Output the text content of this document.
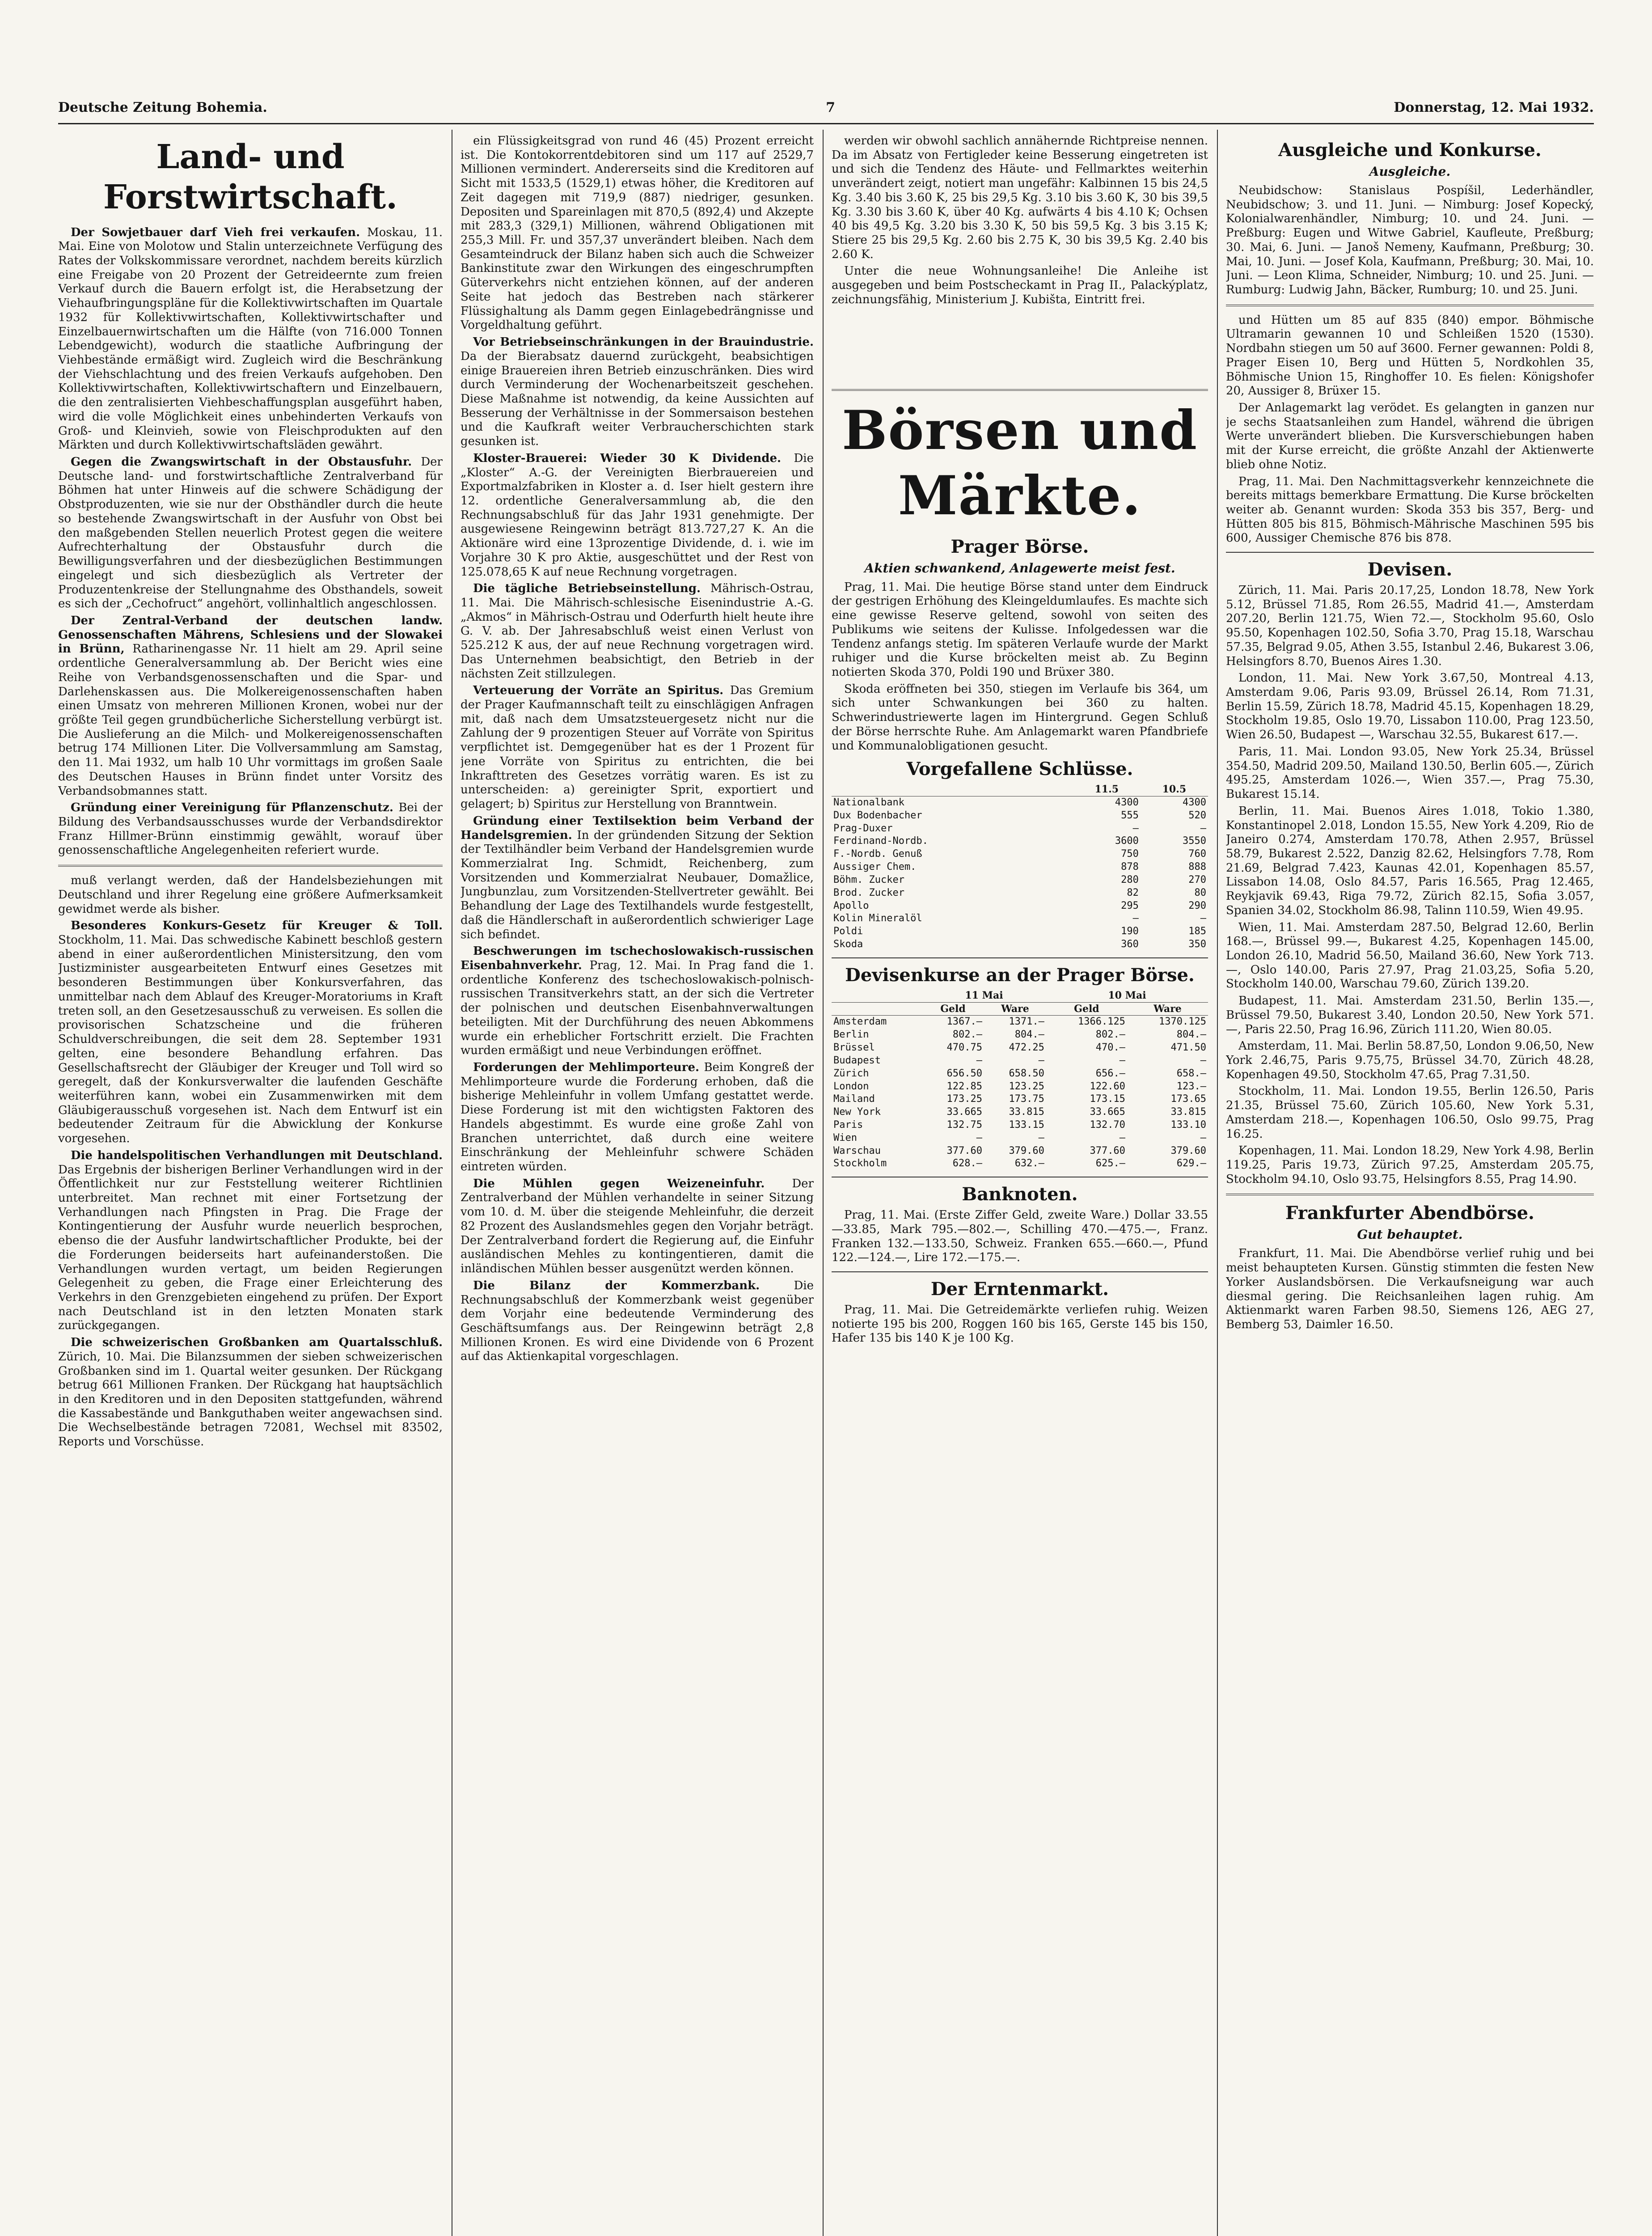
Deutsche Zeitung Bohemia.	7	Donnerstag, 12. Mai 1932.
Land- und Forstwirtschaft.

Der Sowjetbauer darf Vieh frei verkaufen. Moskau, 11. Mai. Eine von Molotow und Stalin unterzeichnete Verfügung des Rates der Volkskommissare verordnet, nachdem bereits kürzlich eine Freigabe von 20 Prozent der Getreideernte zum freien Verkauf durch die Bauern erfolgt ist, die Herabsetzung der Viehaufbringungspläne für die Kollektivwirtschaften im Quartale 1932 für Kollektivwirtschaften, Kollektivwirtschafter und Einzelbauernwirtschaften um die Hälfte (von 716.000 Tonnen Lebendgewicht), wodurch die staatliche Aufbringung der Viehbestände ermäßigt wird. Zugleich wird die Beschränkung der Viehschlachtung und des freien Verkaufs aufgehoben. Den Kollektivwirtschaften, Kollektivwirtschaftern und Einzelbauern, die den zentralisierten Viehbeschaffungsplan ausgeführt haben, wird die volle Möglichkeit eines unbehinderten Verkaufs von Groß- und Kleinvieh, sowie von Fleischprodukten auf den Märkten und durch Kollektivwirtschaftsläden gewährt.

Gegen die Zwangswirtschaft in der Obstausfuhr. Der Deutsche land- und forstwirtschaftliche Zentralverband für Böhmen hat unter Hinweis auf die schwere Schädigung der Obstproduzenten, wie sie nur der Obsthändler durch die heute so bestehende Zwangswirtschaft in der Ausfuhr von Obst bei den maßgebenden Stellen neuerlich Protest gegen die weitere Aufrechterhaltung der Obstausfuhr durch die Bewilligungsverfahren und der diesbezüglichen Bestimmungen eingelegt und sich diesbezüglich als Vertreter der Produzentenkreise der Stellungnahme des Obsthandels, soweit es sich der „Cechofruct“ angehört, vollinhaltlich angeschlossen.

Der Zentral-Verband der deutschen landw. Genossenschaften Mährens, Schlesiens und der Slowakei in Brünn, Ratharinengasse Nr. 11 hielt am 29. April seine ordentliche Generalversammlung ab. Der Bericht wies eine Reihe von Verbandsgenossenschaften und die Spar- und Darlehenskassen aus. Die Molkereigenossenschaften haben einen Umsatz von mehreren Millionen Kronen, wobei nur der größte Teil gegen grundbücherliche Sicherstellung verbürgt ist. Die Auslieferung an die Milch- und Molkereigenossenschaften betrug 174 Millionen Liter. Die Vollversammlung am Samstag, den 11. Mai 1932, um halb 10 Uhr vormittags im großen Saale des Deutschen Hauses in Brünn findet unter Vorsitz des Verbandsobmannes statt.

Gründung einer Vereinigung für Pflanzenschutz. Bei der Bildung des Verbandsausschusses wurde der Verbandsdirektor Franz Hillmer-Brünn einstimmig gewählt, worauf über genossenschaftliche Angelegenheiten referiert wurde.

muß verlangt werden, daß der Handelsbeziehungen mit Deutschland und ihrer Regelung eine größere Aufmerksamkeit gewidmet werde als bisher.

Besonderes Konkurs-Gesetz für Kreuger & Toll. Stockholm, 11. Mai. Das schwedische Kabinett beschloß gestern abend in einer außerordentlichen Ministersitzung, den vom Justizminister ausgearbeiteten Entwurf eines Gesetzes mit besonderen Bestimmungen über Konkursverfahren, das unmittelbar nach dem Ablauf des Kreuger-Moratoriums in Kraft treten soll, an den Gesetzesausschuß zu verweisen. Es sollen die provisorischen Schatzscheine und die früheren Schuldverschreibungen, die seit dem 28. September 1931 gelten, eine besondere Behandlung erfahren. Das Gesellschaftsrecht der Gläubiger der Kreuger und Toll wird so geregelt, daß der Konkursverwalter die laufenden Geschäfte weiterführen kann, wobei ein Zusammenwirken mit dem Gläubigerausschuß vorgesehen ist. Nach dem Entwurf ist ein bedeutender Zeitraum für die Abwicklung der Konkurse vorgesehen.

Die handelspolitischen Verhandlungen mit Deutschland. Das Ergebnis der bisherigen Berliner Verhandlungen wird in der Öffentlichkeit nur zur Feststellung weiterer Richtlinien unterbreitet. Man rechnet mit einer Fortsetzung der Verhandlungen nach Pfingsten in Prag. Die Frage der Kontingentierung der Ausfuhr wurde neuerlich besprochen, ebenso die der Ausfuhr landwirtschaftlicher Produkte, bei der die Forderungen beiderseits hart aufeinanderstoßen. Die Verhandlungen wurden vertagt, um beiden Regierungen Gelegenheit zu geben, die Frage einer Erleichterung des Verkehrs in den Grenzgebieten eingehend zu prüfen. Der Export nach Deutschland ist in den letzten Monaten stark zurückgegangen.

Die schweizerischen Großbanken am Quartalsschluß. Zürich, 10. Mai. Die Bilanzsummen der sieben schweizerischen Großbanken sind im 1. Quartal weiter gesunken. Der Rückgang betrug 661 Millionen Franken. Der Rückgang hat hauptsächlich in den Kreditoren und in den Depositen stattgefunden, während die Kassabestände und Bankguthaben weiter angewachsen sind. Die Wechselbestände betragen 72081, Wechsel mit 83502, Reports und Vorschüsse.

ein Flüssigkeitsgrad von rund 46 (45) Prozent erreicht ist. Die Kontokorrentdebitoren sind um 117 auf 2529,7 Millionen vermindert. Andererseits sind die Kreditoren auf Sicht mit 1533,5 (1529,1) etwas höher, die Kreditoren auf Zeit dagegen mit 719,9 (887) niedriger, gesunken. Depositen und Spareinlagen mit 870,5 (892,4) und Akzepte mit 283,3 (329,1) Millionen, während Obligationen mit 255,3 Mill. Fr. und 357,37 unverändert bleiben. Nach dem Gesamteindruck der Bilanz haben sich auch die Schweizer Bankinstitute zwar den Wirkungen des eingeschrumpften Güterverkehrs nicht entziehen können, auf der anderen Seite hat jedoch das Bestreben nach stärkerer Flüssighaltung als Damm gegen Einlagebedrängnisse und Vorgeldhaltung geführt.

Vor Betriebseinschränkungen in der Brauindustrie. Da der Bierabsatz dauernd zurückgeht, beabsichtigen einige Brauereien ihren Betrieb einzuschränken. Dies wird durch Verminderung der Wochenarbeitszeit geschehen. Diese Maßnahme ist notwendig, da keine Aussichten auf Besserung der Verhältnisse in der Sommersaison bestehen und die Kaufkraft weiter Verbraucherschichten stark gesunken ist.

Kloster-Brauerei: Wieder 30 K Dividende. Die „Kloster“ A.-G. der Vereinigten Bierbrauereien und Exportmalzfabriken in Kloster a. d. Iser hielt gestern ihre 12. ordentliche Generalversammlung ab, die den Rechnungsabschluß für das Jahr 1931 genehmigte. Der ausgewiesene Reingewinn beträgt 813.727,27 K. An die Aktionäre wird eine 13prozentige Dividende, d. i. wie im Vorjahre 30 K pro Aktie, ausgeschüttet und der Rest von 125.078,65 K auf neue Rechnung vorgetragen.

Die tägliche Betriebseinstellung. Mährisch-Ostrau, 11. Mai. Die Mährisch-schlesische Eisenindustrie A.-G. „Akmos“ in Mährisch-Ostrau und Oderfurth hielt heute ihre G. V. ab. Der Jahresabschluß weist einen Verlust von 525.212 K aus, der auf neue Rechnung vorgetragen wird. Das Unternehmen beabsichtigt, den Betrieb in der nächsten Zeit stillzulegen.

Verteuerung der Vorräte an Spiritus. Das Gremium der Prager Kaufmannschaft teilt zu einschlägigen Anfragen mit, daß nach dem Umsatzsteuergesetz nicht nur die Zahlung der 9 prozentigen Steuer auf Vorräte von Spiritus verpflichtet ist. Demgegenüber hat es der 1 Prozent für jene Vorräte von Spiritus zu entrichten, die bei Inkrafttreten des Gesetzes vorrätig waren. Es ist zu unterscheiden: a) gereinigter Sprit, exportiert und gelagert; b) Spiritus zur Herstellung von Branntwein.

Gründung einer Textilsektion beim Verband der Handelsgremien. In der gründenden Sitzung der Sektion der Textilhändler beim Verband der Handelsgremien wurde Kommerzialrat Ing. Schmidt, Reichenberg, zum Vorsitzenden und Kommerzialrat Neubauer, Domažlice, Jungbunzlau, zum Vorsitzenden-Stellvertreter gewählt. Bei Behandlung der Lage des Textilhandels wurde festgestellt, daß die Händlerschaft in außerordentlich schwieriger Lage sich befindet.

Beschwerungen im tschechoslowakisch-russischen Eisenbahnverkehr. Prag, 12. Mai. In Prag fand die 1. ordentliche Konferenz des tschechoslowakisch-polnisch-russischen Transitverkehrs statt, an der sich die Vertreter der polnischen und deutschen Eisenbahnverwaltungen beteiligten. Mit der Durchführung des neuen Abkommens wurde ein erheblicher Fortschritt erzielt. Die Frachten wurden ermäßigt und neue Verbindungen eröffnet.

Forderungen der Mehlimporteure. Beim Kongreß der Mehlimporteure wurde die Forderung erhoben, daß die bisherige Mehleinfuhr in vollem Umfang gestattet werde. Diese Forderung ist mit den wichtigsten Faktoren des Handels abgestimmt. Es wurde eine große Zahl von Branchen unterrichtet, daß durch eine weitere Einschränkung der Mehleinfuhr schwere Schäden eintreten würden.

Die Mühlen gegen Weizeneinfuhr. Der Zentralverband der Mühlen verhandelte in seiner Sitzung vom 10. d. M. über die steigende Mehleinfuhr, die derzeit 82 Prozent des Auslandsmehles gegen den Vorjahr beträgt. Der Zentralverband fordert die Regierung auf, die Einfuhr ausländischen Mehles zu kontingentieren, damit die inländischen Mühlen besser ausgenützt werden können.

Die Bilanz der Kommerzbank.	Die Rechnungsabschluß der Kommerzbank weist gegenüber dem Vorjahr eine bedeutende Verminderung des Geschäftsumfangs aus. Der Reingewinn beträgt 2,8 Millionen Kronen. Es wird eine Dividende von 6 Prozent auf das Aktienkapital vorgeschlagen.

werden wir obwohl sachlich annähernde Richtpreise nennen. Da im Absatz von Fertigleder keine Besserung eingetreten ist und sich die Tendenz des Häute- und Fellmarktes weiterhin unverändert zeigt, notiert man ungefähr: Kalbinnen 15 bis 24,5 Kg. 3.40 bis 3.60 K, 25 bis 29,5 Kg. 3.10 bis 3.60 K, 30 bis 39,5 Kg. 3.30 bis 3.60 K, über 40 Kg. aufwärts 4 bis 4.10 K; Ochsen 40 bis 49,5 Kg. 3.20 bis 3.30 K, 50 bis 59,5 Kg. 3 bis 3.15 K; Stiere 25 bis 29,5 Kg. 2.60 bis 2.75 K, 30 bis 39,5 Kg. 2.40 bis 2.60 K.

Unter die neue Wohnungsanleihe! Die Anleihe ist ausgegeben und beim Postscheckamt in Prag II., Palackýplatz, zeichnungsfähig, Ministerium J. Kubišta, Eintritt frei.

Börsen und Märkte.
Prager Börse.
Aktien schwankend, Anlagewerte meist fest.

Prag, 11. Mai. Die heutige Börse stand unter dem Eindruck der gestrigen Erhöhung des Kleingeldumlaufes. Es machte sich eine gewisse Reserve geltend, sowohl von seiten des Publikums wie seitens der Kulisse. Infolgedessen war die Tendenz anfangs stetig. Im späteren Verlaufe wurde der Markt ruhiger und die Kurse bröckelten meist ab. Zu Beginn notierten Skoda 370, Poldi 190 und Brüxer 380.

Skoda eröffneten bei 350, stiegen im Verlaufe bis 364, um sich unter Schwankungen bei 360 zu halten. Schwerindustriewerte lagen im Hintergrund. Gegen Schluß der Börse herrschte Ruhe. Am Anlagemarkt waren Pfandbriefe und Kommunalobligationen gesucht.

Vorgefallene Schlüsse.
	11.5	10.5
Nationalbank	4300	4300
Dux Bodenbacher	555	520
Prag-Duxer	—	—
Ferdinand-Nordb.	3600	3550
F.-Nordb. Genuß	750	760
Aussiger Chem.	878	888
Böhm. Zucker	280	270
Brod. Zucker	82	80
Apollo	295	290
Kolin Mineralöl	—	—
Poldi	190	185
Skoda	360	350
Devisenkurse an der Prager Börse.
	11 Mai		10 Mai	
	Geld	Ware	Geld	Ware
Amsterdam	1367.—	1371.—	1366.125	1370.125
Berlin	802.—	804.—	802.—	804.—
Brüssel	470.75	472.25	470.—	471.50
Budapest	—	—	—	—
Zürich	656.50	658.50	656.—	658.—
London	122.85	123.25	122.60	123.—
Mailand	173.25	173.75	173.15	173.65
New York	33.665	33.815	33.665	33.815
Paris	132.75	133.15	132.70	133.10
Wien	—	—	—	—
Warschau	377.60	379.60	377.60	379.60
Stockholm	628.—	632.—	625.—	629.—
Banknoten.

Prag, 11. Mai. (Erste Ziffer Geld, zweite Ware.) Dollar 33.55—33.85, Mark 795.—802.—, Schilling 470.—475.—, Franz. Franken 132.—133.50, Schweiz. Franken 655.—660.—, Pfund 122.—124.—, Lire 172.—175.—.

Der Erntenmarkt.

Prag, 11. Mai. Die Getreidemärkte verliefen ruhig. Weizen notierte 195 bis 200, Roggen 160 bis 165, Gerste 145 bis 150, Hafer 135 bis 140 K je 100 Kg.

Ausgleiche und Konkurse.
Ausgleiche.

Neubidschow: Stanislaus Pospíšil, Lederhändler, Neubidschow; 3. und 11. Juni. — Nimburg: Josef Kopecký, Kolonialwarenhändler, Nimburg; 10. und 24. Juni. — Preßburg: Eugen und Witwe Gabriel, Kaufleute, Preßburg; 30. Mai, 6. Juni. — Janoš Nemeny, Kaufmann, Preßburg; 30. Mai, 10. Juni. — Josef Kola, Kaufmann, Preßburg; 30. Mai, 10. Juni. — Leon Klima, Schneider, Nimburg; 10. und 25. Juni. — Rumburg: Ludwig Jahn, Bäcker, Rumburg; 10. und 25. Juni.

und Hütten um 85 auf 835 (840) empor. Böhmische Ultramarin gewannen 10 und Schleißen 1520 (1530). Nordbahn stiegen um 50 auf 3600. Ferner gewannen: Poldi 8, Prager Eisen 10, Berg und Hütten 5, Nordkohlen 35, Böhmische Union 15, Ringhoffer 10. Es fielen: Königshofer 20, Aussiger 8, Brüxer 15.

Der Anlagemarkt lag verödet. Es gelangten in ganzen nur je sechs Staatsanleihen zum Handel, während die übrigen Werte unverändert blieben. Die Kursverschiebungen haben mit der Kurse erreicht, die größte Anzahl der Aktienwerte blieb ohne Notiz.

Prag, 11. Mai. Den Nachmittagsverkehr kennzeichnete die bereits mittags bemerkbare Ermattung. Die Kurse bröckelten weiter ab. Genannt wurden: Skoda 353 bis 357, Berg- und Hütten 805 bis 815, Böhmisch-Mährische Maschinen 595 bis 600, Aussiger Chemische 876 bis 878.

Devisen.

Zürich, 11. Mai. Paris 20.17,25, London 18.78, New York 5.12, Brüssel 71.85, Rom 26.55, Madrid 41.—, Amsterdam 207.20, Berlin 121.75, Wien 72.—, Stockholm 95.60, Oslo 95.50, Kopenhagen 102.50, Sofia 3.70, Prag 15.18, Warschau 57.35, Belgrad 9.05, Athen 3.55, Istanbul 2.46, Bukarest 3.06, Helsingfors 8.70, Buenos Aires 1.30.

London, 11. Mai. New York 3.67,50, Montreal 4.13, Amsterdam 9.06, Paris 93.09, Brüssel 26.14, Rom 71.31, Berlin 15.59, Zürich 18.78, Madrid 45.15, Kopenhagen 18.29, Stockholm 19.85, Oslo 19.70, Lissabon 110.00, Prag 123.50, Wien 26.50, Budapest —, Warschau 32.55, Bukarest 617.—.

Paris, 11. Mai. London 93.05, New York 25.34, Brüssel 354.50, Madrid 209.50, Mailand 130.50, Berlin 605.—, Zürich 495.25, Amsterdam 1026.—, Wien 357.—, Prag 75.30, Bukarest 15.14.

Berlin, 11. Mai. Buenos Aires 1.018, Tokio 1.380, Konstantinopel 2.018, London 15.55, New York 4.209, Rio de Janeiro 0.274, Amsterdam 170.78, Athen 2.957, Brüssel 58.79, Bukarest 2.522, Danzig 82.62, Helsingfors 7.78, Rom 21.69, Belgrad 7.423, Kaunas 42.01, Kopenhagen 85.57, Lissabon 14.08, Oslo 84.57, Paris 16.565, Prag 12.465, Reykjavik 69.43, Riga 79.72, Zürich 82.15, Sofia 3.057, Spanien 34.02, Stockholm 86.98, Talinn 110.59, Wien 49.95.

Wien, 11. Mai. Amsterdam 287.50, Belgrad 12.60, Berlin 168.—, Brüssel 99.—, Bukarest 4.25, Kopenhagen 145.00, London 26.10, Madrid 56.50, Mailand 36.60, New York 713.—, Oslo 140.00, Paris 27.97, Prag 21.03,25, Sofia 5.20, Stockholm 140.00, Warschau 79.60, Zürich 139.20.

Budapest, 11. Mai. Amsterdam 231.50, Berlin 135.—, Brüssel 79.50, Bukarest 3.40, London 20.50, New York 571.—, Paris 22.50, Prag 16.96, Zürich 111.20, Wien 80.05.

Amsterdam, 11. Mai. Berlin 58.87,50, London 9.06,50, New York 2.46,75, Paris 9.75,75, Brüssel 34.70, Zürich 48.28, Kopenhagen 49.50, Stockholm 47.65, Prag 7.31,50.

Stockholm, 11. Mai. London 19.55, Berlin 126.50, Paris 21.35, Brüssel 75.60, Zürich 105.60, New York 5.31, Amsterdam 218.—, Kopenhagen 106.50, Oslo 99.75, Prag 16.25.

Kopenhagen, 11. Mai. London 18.29, New York 4.98, Berlin 119.25, Paris 19.73, Zürich 97.25, Amsterdam 205.75, Stockholm 94.10, Oslo 93.75, Helsingfors 8.55, Prag 14.90.

Frankfurter Abendbörse.
Gut behauptet.

Frankfurt, 11. Mai. Die Abendbörse verlief ruhig und bei meist behaupteten Kursen. Günstig stimmten die festen New Yorker Auslandsbörsen. Die Verkaufsneigung war auch diesmal gering. Die Reichsanleihen lagen ruhig. Am Aktienmarkt waren Farben 98.50, Siemens 126, AEG 27, Bemberg 53, Daimler 16.50.
